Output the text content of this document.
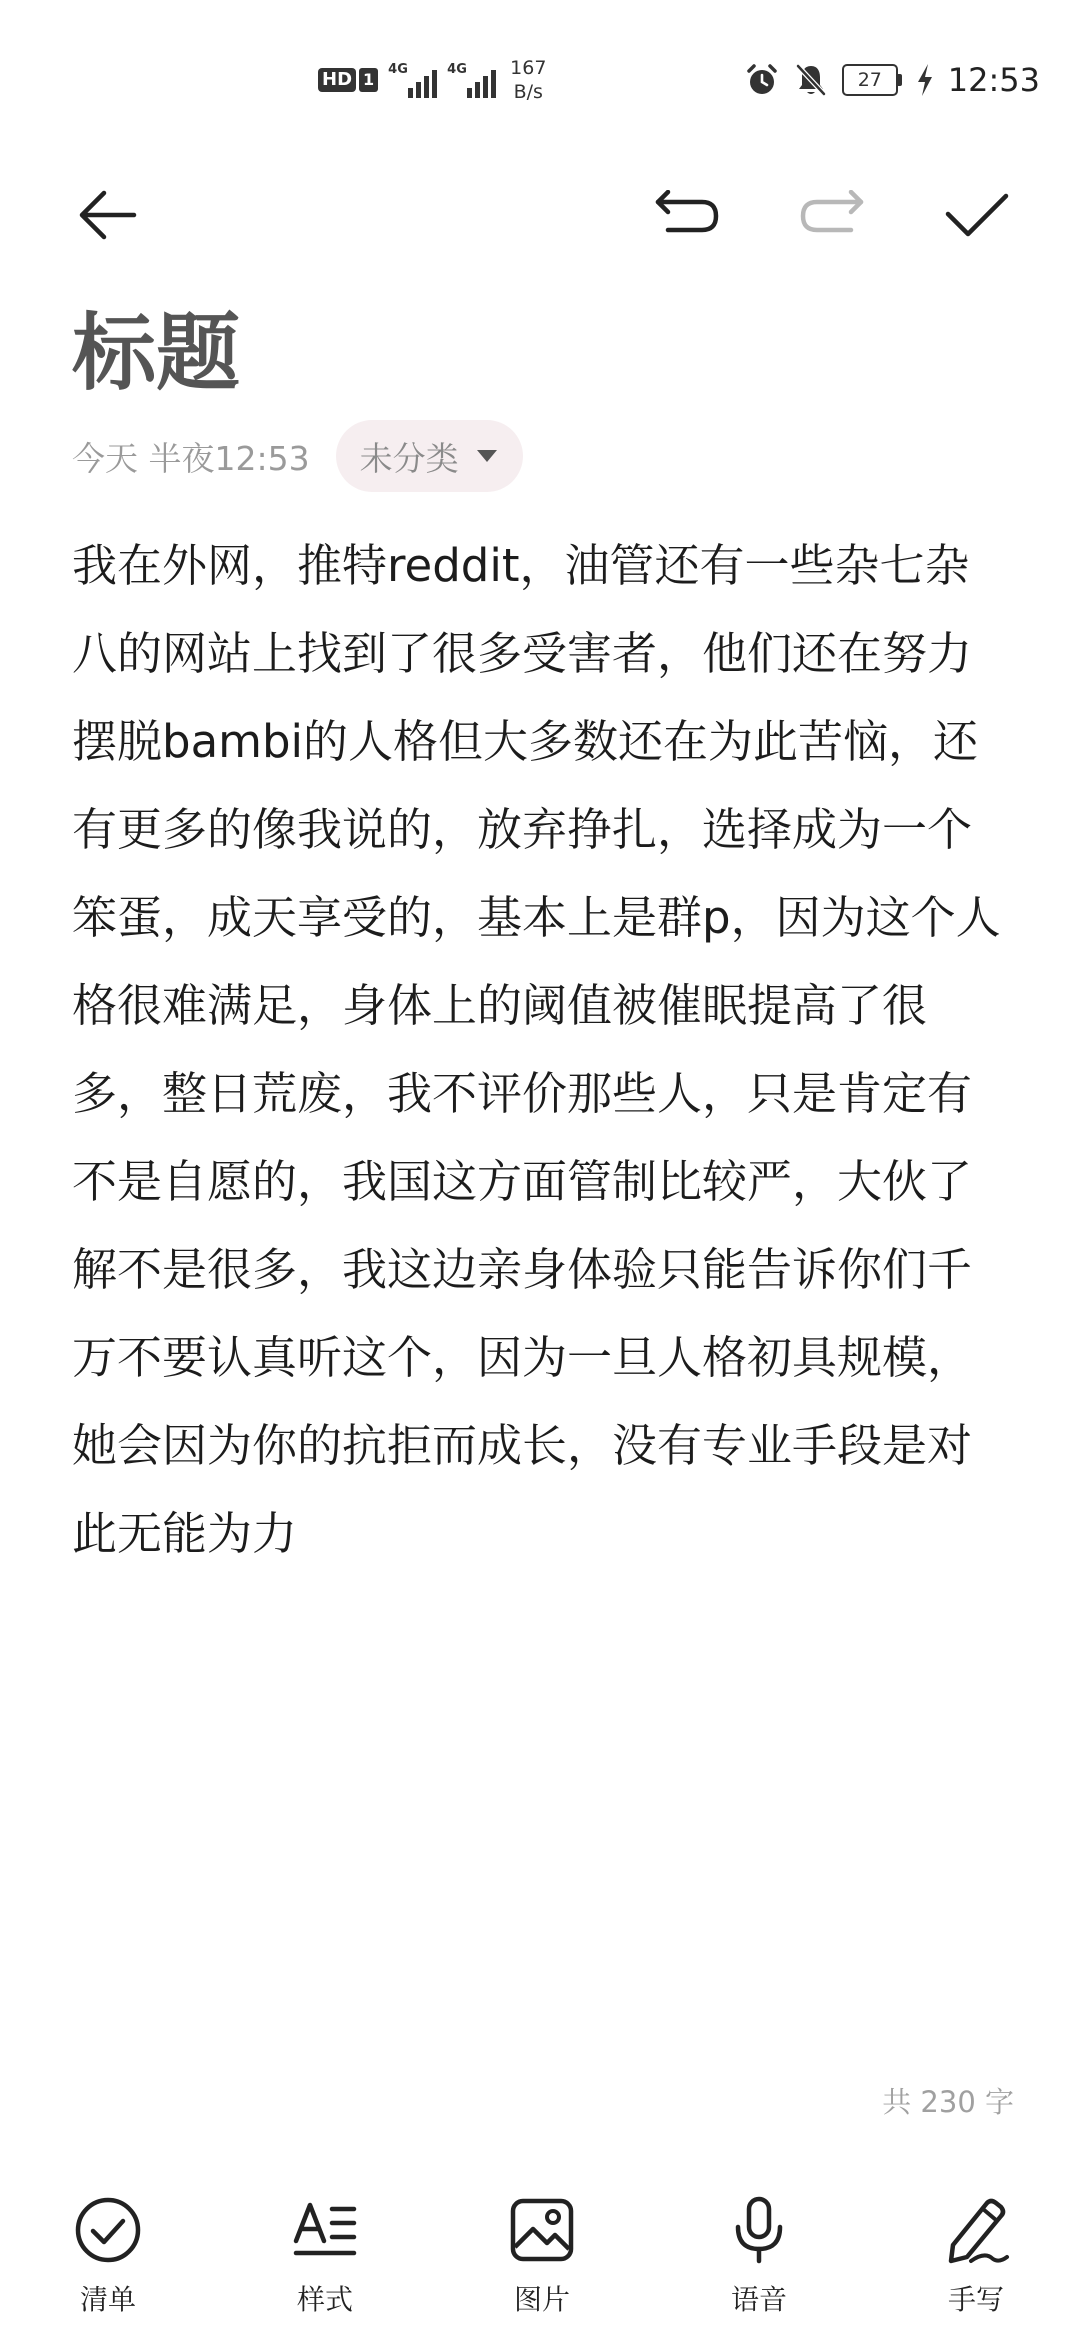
HD 1
4G	4G 167
B/s
27	12:53
标题
今天 半夜12:53 未分类
我在外网，推特reddit，油管还有一些杂七杂八的网站上找到了很多受害者，他们还在努力摆脱bambi的人格但大多数还在为此苦恼，还有更多的像我说的，放弃挣扎，选择成为一个笨蛋，成天享受的，基本上是群p，因为这个人格很难满足，身体上的阈值被催眠提高了很多，整日荒废，我不评价那些人，只是肯定有不是自愿的，我国这方面管制比较严，大伙了解不是很多，我这边亲身体验只能告诉你们千万不要认真听这个，因为一旦人格初具规模，她会因为你的抗拒而成长，没有专业手段是对此无能为力
共 230 字
清单	样式	图片	语音	手写
